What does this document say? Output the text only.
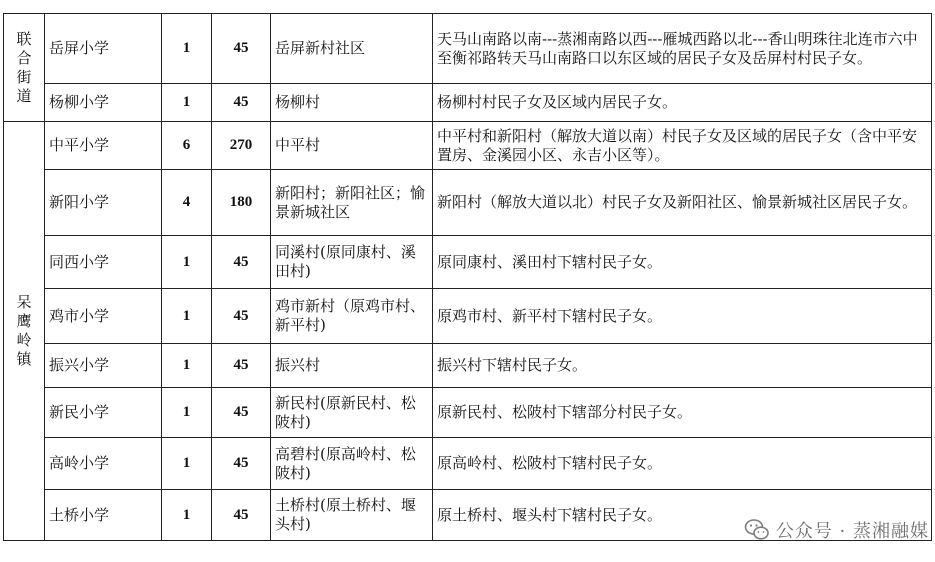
联合街道	岳屏小学	1	45	岳屏新村社区	天马山南路以南---蒸湘南路以西---雁城西路以北---香山明珠往北连市六中至衡祁路转天马山南路口以东区域的居民子女及岳屏村村民子女。
	杨柳小学	1	45	杨柳村	杨柳村村民子女及区域内居民子女。
呆鹰岭镇	中平小学	6	270	中平村	中平村和新阳村（解放大道以南）村民子女及区域的居民子女（含中平安置房、金溪园小区、永吉小区等）。
	新阳小学	4	180	新阳村；新阳社区；愉景新城社区	新阳村（解放大道以北）村民子女及新阳社区、愉景新城社区居民子女。
	同西小学	1	45	同溪村(原同康村、溪田村)	原同康村、溪田村下辖村民子女。
	鸡市小学	1	45	鸡市新村（原鸡市村、新平村)	原鸡市村、新平村下辖村民子女。
	振兴小学	1	45	振兴村	振兴村下辖村民子女。
	新民小学	1	45	新民村(原新民村、松陂村)	原新民村、松陂村下辖部分村民子女。
	高岭小学	1	45	高碧村(原高岭村、松陂村)	原高岭村、松陂村下辖村民子女。
	土桥小学	1	45	土桥村(原土桥村、堰头村)	原土桥村、堰头村下辖村民子女。
公众号 · 蒸湘融媒
